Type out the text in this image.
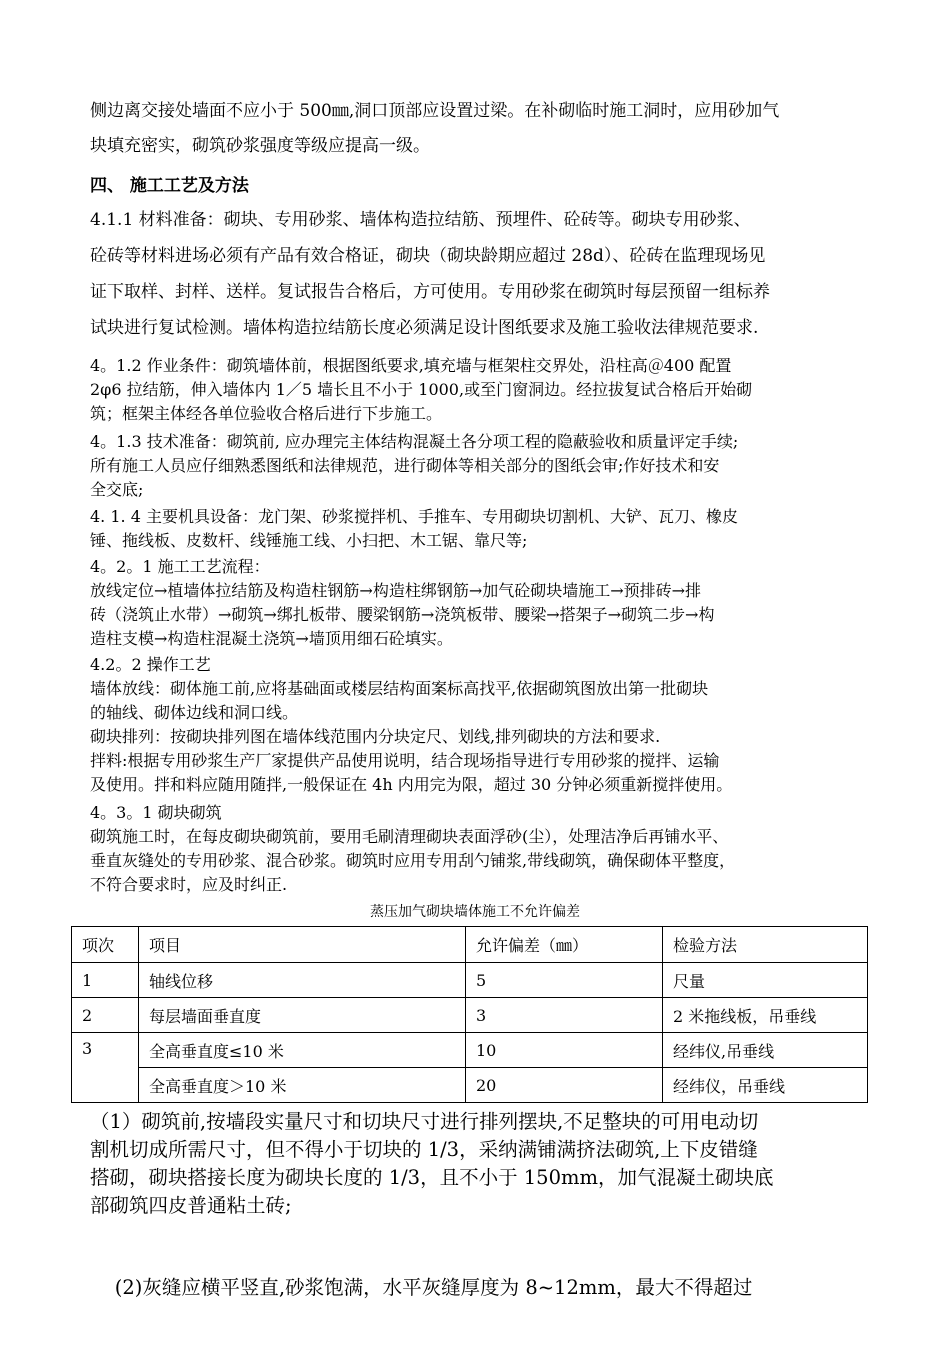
侧边离交接处墙面不应小于 500㎜,洞口顶部应设置过梁。在补砌临时施工洞时，应用砂加气
块填充密实，砌筑砂浆强度等级应提高一级。
四、 施工工艺及方法
4.1.1 材料准备：砌块、专用砂浆、墙体构造拉结筋、预埋件、砼砖等。砌块专用砂浆、
砼砖等材料进场必须有产品有效合格证，砌块（砌块龄期应超过 28d）、砼砖在监理现场见
证下取样、封样、送样。复试报告合格后，方可使用。专用砂浆在砌筑时每层预留一组标养
试块进行复试检测。墙体构造拉结筋长度必须满足设计图纸要求及施工验收法律规范要求.
4。1.2 作业条件：砌筑墙体前，根据图纸要求,填充墙与框架柱交界处，沿柱高＠400 配置
2φ6 拉结筋，伸入墙体内 1／5 墙长且不小于 1000,或至门窗洞边。经拉拔复试合格后开始砌
筑；框架主体经各单位验收合格后进行下步施工。
4。1.3 技术准备：砌筑前, 应办理完主体结构混凝土各分项工程的隐蔽验收和质量评定手续;
所有施工人员应仔细熟悉图纸和法律规范，进行砌体等相关部分的图纸会审;作好技术和安
全交底;
4. 1. 4 主要机具设备：龙门架、砂浆搅拌机、手推车、专用砌块切割机、大铲、瓦刀、橡皮
锤、拖线板、皮数杆、线锤施工线、小扫把、木工锯、靠尺等;
4。2。1 施工工艺流程：
放线定位→植墙体拉结筋及构造柱钢筋→构造柱绑钢筋→加气砼砌块墙施工→预排砖→排
砖（浇筑止水带）→砌筑→绑扎板带、腰梁钢筋→浇筑板带、腰梁→搭架子→砌筑二步→构
造柱支模→构造柱混凝土浇筑→墙顶用细石砼填实。
4.2。2 操作工艺
墙体放线：砌体施工前,应将基础面或楼层结构面案标高找平,依据砌筑图放出第一批砌块
的轴线、砌体边线和洞口线。
砌块排列：按砌块排列图在墙体线范围内分块定尺、划线,排列砌块的方法和要求.
拌料:根据专用砂浆生产厂家提供产品使用说明，结合现场指导进行专用砂浆的搅拌、运输
及使用。拌和料应随用随拌,一般保证在 4h 内用完为限，超过 30 分钟必须重新搅拌使用。
4。3。1 砌块砌筑
砌筑施工时，在每皮砌块砌筑前，要用毛刷清理砌块表面浮砂(尘），处理洁净后再铺水平、
垂直灰缝处的专用砂浆、混合砂浆。砌筑时应用专用刮勺铺浆,带线砌筑，确保砌体平整度，
不符合要求时，应及时纠正.
蒸压加气砌块墙体施工不允许偏差
项次	项目	允许偏差（㎜）	检验方法
1	轴线位移	5	尺量
2	每层墙面垂直度	3	2 米拖线板，吊垂线
3	全高垂直度≤10 米	10	经纬仪,吊垂线
	全高垂直度＞10 米	20	经纬仪，吊垂线
（1）砌筑前,按墙段实量尺寸和切块尺寸进行排列摆块,不足整块的可用电动切
割机切成所需尺寸，但不得小于切块的 1/3，采纳满铺满挤法砌筑,上下皮错缝
搭砌，砌块搭接长度为砌块长度的 1/3，且不小于 150mm，加气混凝土砌块底
部砌筑四皮普通粘土砖;

(2)灰缝应横平竖直,砂浆饱满，水平灰缝厚度为 8~12mm，最大不得超过
